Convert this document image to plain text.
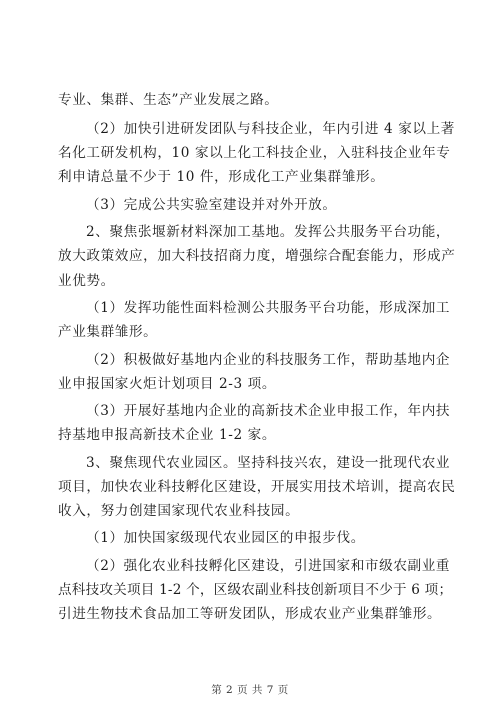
专业、集群、生态”产业发展之路。
（2）加快引进研发团队与科技企业，年内引进 4 家以上著
名化工研发机构，10 家以上化工科技企业，入驻科技企业年专
利申请总量不少于 10 件，形成化工产业集群雏形。
（3）完成公共实验室建设并对外开放。
2、聚焦张堰新材料深加工基地。发挥公共服务平台功能，
放大政策效应，加大科技招商力度，增强综合配套能力，形成产
业优势。
（1）发挥功能性面料检测公共服务平台功能，形成深加工
产业集群雏形。
（2）积极做好基地内企业的科技服务工作，帮助基地内企
业申报国家火炬计划项目 2-3 项。
（3）开展好基地内企业的高新技术企业申报工作，年内扶
持基地申报高新技术企业 1-2 家。
3、聚焦现代农业园区。坚持科技兴农，建设一批现代农业
项目，加快农业科技孵化区建设，开展实用技术培训，提高农民
收入，努力创建国家现代农业科技园。
（1）加快国家级现代农业园区的申报步伐。
（2）强化农业科技孵化区建设，引进国家和市级农副业重
点科技攻关项目 1-2 个，区级农副业科技创新项目不少于 6 项；
引进生物技术食品加工等研发团队，形成农业产业集群雏形。
第 2 页 共 7 页
